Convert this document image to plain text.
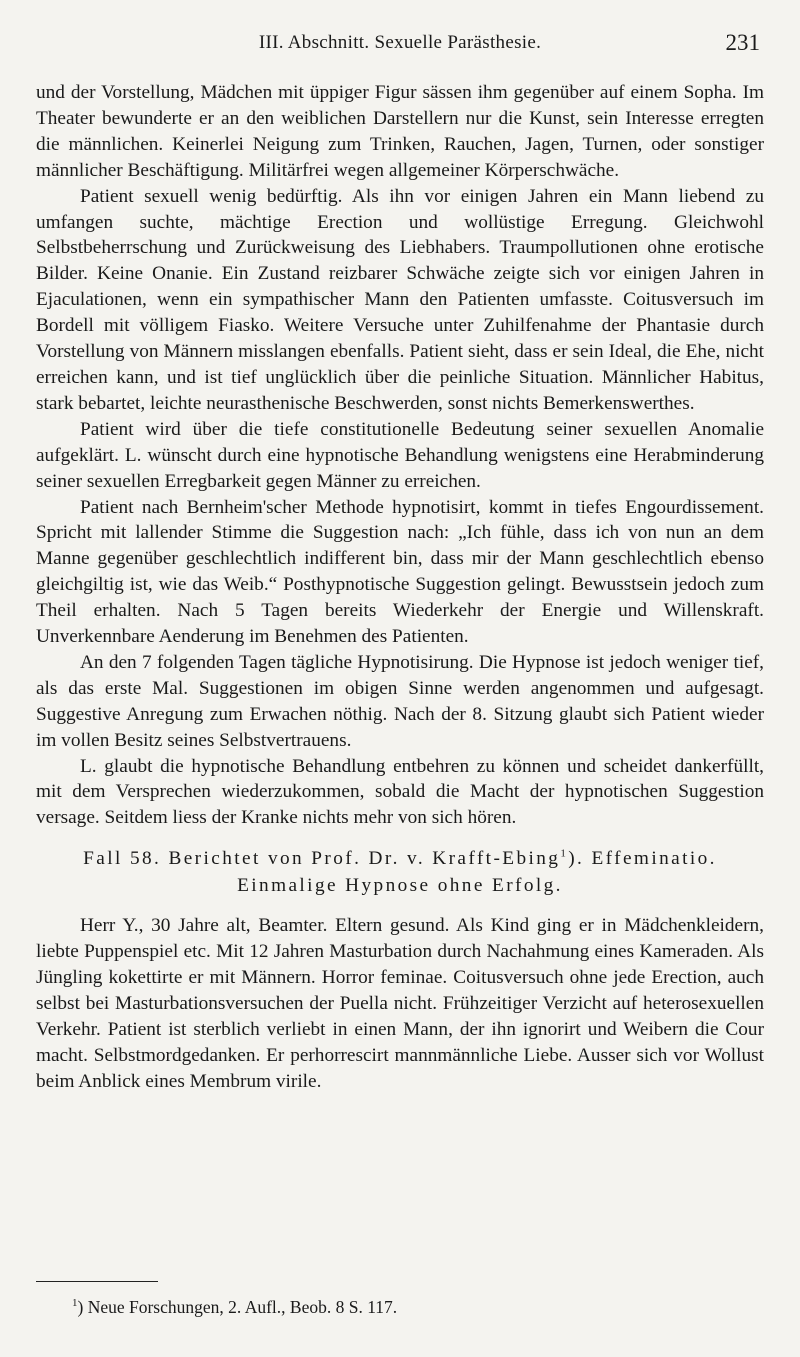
III. Abschnitt. Sexuelle Parästhesie.	231

und der Vorstellung, Mädchen mit üppiger Figur sässen ihm gegenüber auf einem Sopha. Im Theater bewunderte er an den weiblichen Darstellern nur die Kunst, sein Interesse erregten die männlichen. Keinerlei Neigung zum Trinken, Rauchen, Jagen, Turnen, oder sonstiger männlicher Beschäftigung. Militärfrei wegen allgemeiner Körperschwäche.

Patient sexuell wenig bedürftig. Als ihn vor einigen Jahren ein Mann liebend zu umfangen suchte, mächtige Erection und wollüstige Erregung. Gleichwohl Selbstbeherrschung und Zurückweisung des Liebhabers. Traumpollutionen ohne erotische Bilder. Keine Onanie. Ein Zustand reizbarer Schwäche zeigte sich vor einigen Jahren in Ejaculationen, wenn ein sympathischer Mann den Patienten umfasste. Coitusversuch im Bordell mit völligem Fiasko. Weitere Versuche unter Zuhilfenahme der Phantasie durch Vorstellung von Männern misslangen ebenfalls. Patient sieht, dass er sein Ideal, die Ehe, nicht erreichen kann, und ist tief unglücklich über die peinliche Situation. Männlicher Habitus, stark bebartet, leichte neurasthenische Beschwerden, sonst nichts Bemerkenswerthes.

Patient wird über die tiefe constitutionelle Bedeutung seiner sexuellen Anomalie aufgeklärt. L. wünscht durch eine hypnotische Behandlung wenigstens eine Herabminderung seiner sexuellen Erregbarkeit gegen Männer zu erreichen.

Patient nach Bernheim'scher Methode hypnotisirt, kommt in tiefes Engourdissement. Spricht mit lallender Stimme die Suggestion nach: „Ich fühle, dass ich von nun an dem Manne gegenüber geschlechtlich indifferent bin, dass mir der Mann geschlechtlich ebenso gleichgiltig ist, wie das Weib.“ Posthypnotische Suggestion gelingt. Bewusstsein jedoch zum Theil erhalten. Nach 5 Tagen bereits Wiederkehr der Energie und Willenskraft. Unverkennbare Aenderung im Benehmen des Patienten.

An den 7 folgenden Tagen tägliche Hypnotisirung. Die Hypnose ist jedoch weniger tief, als das erste Mal. Suggestionen im obigen Sinne werden angenommen und aufgesagt. Suggestive Anregung zum Erwachen nöthig. Nach der 8. Sitzung glaubt sich Patient wieder im vollen Besitz seines Selbstvertrauens.

L. glaubt die hypnotische Behandlung entbehren zu können und scheidet dankerfüllt, mit dem Versprechen wiederzukommen, sobald die Macht der hypnotischen Suggestion versage. Seitdem liess der Kranke nichts mehr von sich hören.

Fall 58. Berichtet von Prof. Dr. v. Krafft-Ebing$^1$). Effeminatio.
Einmalige Hypnose ohne Erfolg.

Herr Y., 30 Jahre alt, Beamter. Eltern gesund. Als Kind ging er in Mädchenkleidern, liebte Puppenspiel etc. Mit 12 Jahren Masturbation durch Nachahmung eines Kameraden. Als Jüngling kokettirte er mit Männern. Horror feminae. Coitusversuch ohne jede Erection, auch selbst bei Masturbationsversuchen der Puella nicht. Frühzeitiger Verzicht auf heterosexuellen Verkehr. Patient ist sterblich verliebt in einen Mann, der ihn ignorirt und Weibern die Cour macht. Selbstmordgedanken. Er perhorrescirt mannmännliche Liebe. Ausser sich vor Wollust beim Anblick eines Membrum virile.

$^1$) Neue Forschungen, 2. Aufl., Beob. 8 S. 117.
